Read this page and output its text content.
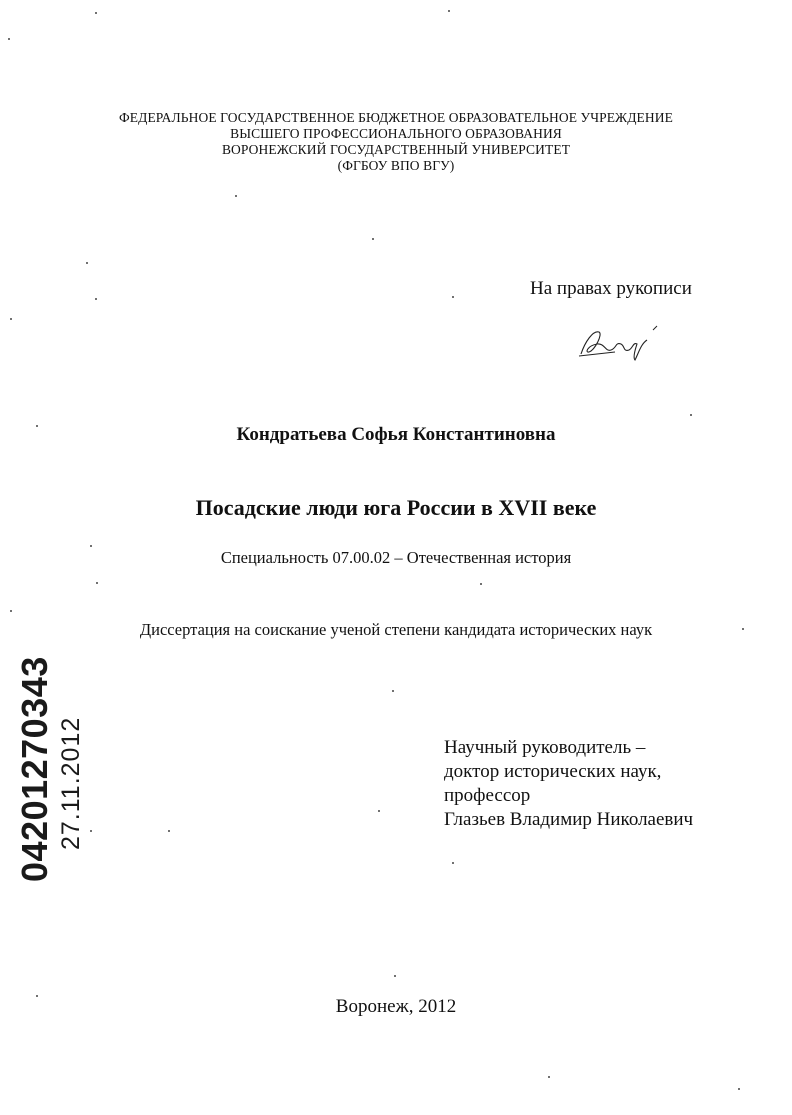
ФЕДЕРАЛЬНОЕ ГОСУДАРСТВЕННОЕ БЮДЖЕТНОЕ ОБРАЗОВАТЕЛЬНОЕ УЧРЕЖДЕНИЕ
ВЫСШЕГО ПРОФЕССИОНАЛЬНОГО ОБРАЗОВАНИЯ
ВОРОНЕЖСКИЙ ГОСУДАРСТВЕННЫЙ УНИВЕРСИТЕТ
(ФГБОУ ВПО ВГУ)
На правах рукописи
Кондратьева Софья Константиновна
Посадские люди юга России в XVII веке
Специальность 07.00.02 – Отечественная история
Диссертация на соискание ученой степени кандидата исторических наук
Научный руководитель –
доктор исторических наук,
профессор
Глазьев Владимир Николаевич
Воронеж, 2012
04201270343 27.11.2012
